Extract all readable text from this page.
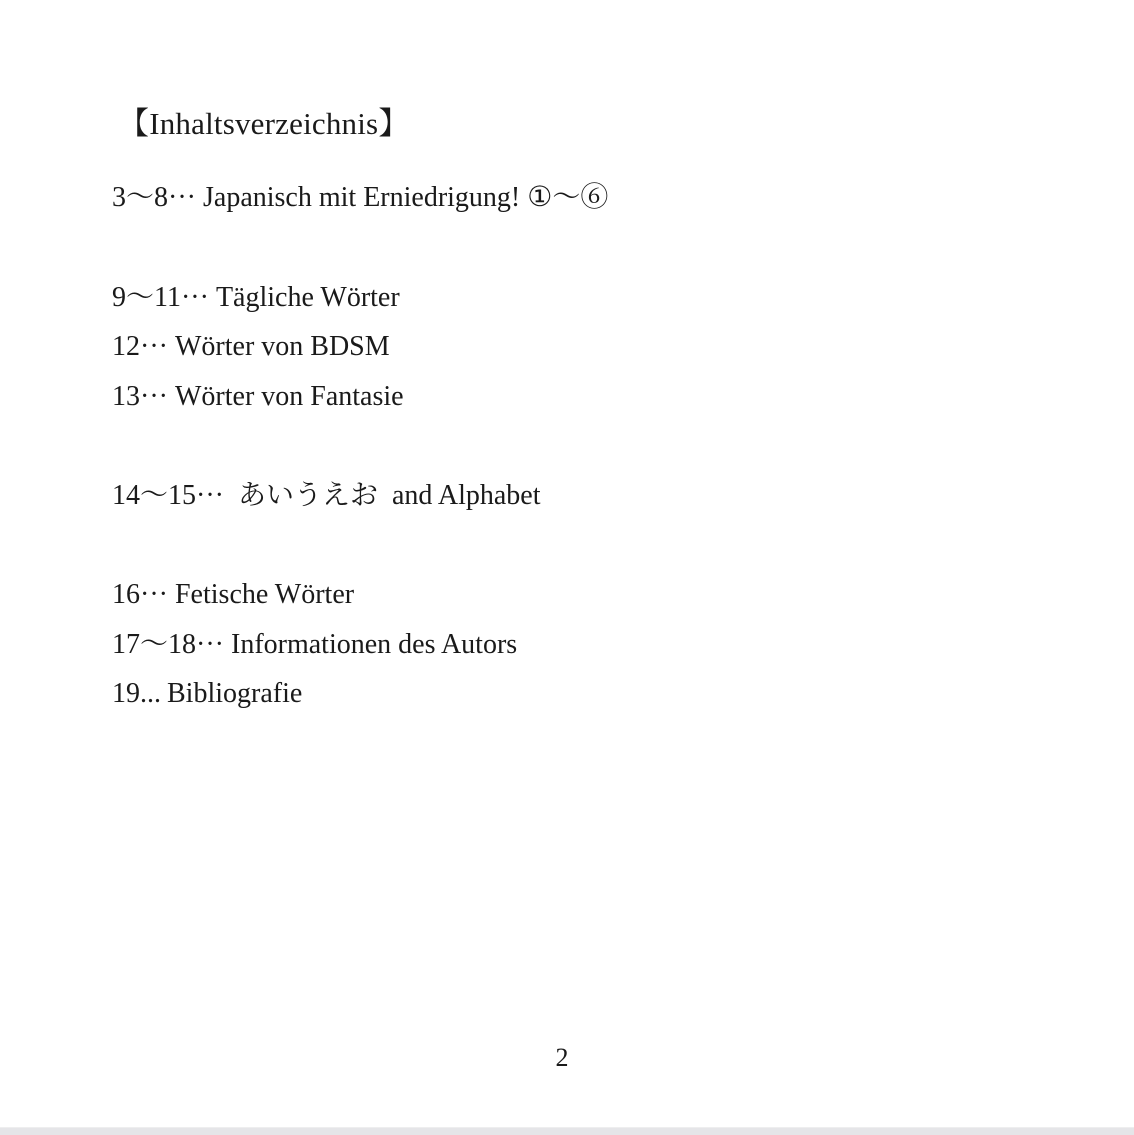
【Inhaltsverzeichnis】
3〜8··· Japanisch mit Erniedrigung! ①〜⑥
9〜11··· Tägliche Wörter
12··· Wörter von BDSM
13··· Wörter von Fantasie
14〜15··· あいうえお  and Alphabet
16··· Fetische Wörter
17〜18··· Informationen des Autors
19... Bibliografie
2
